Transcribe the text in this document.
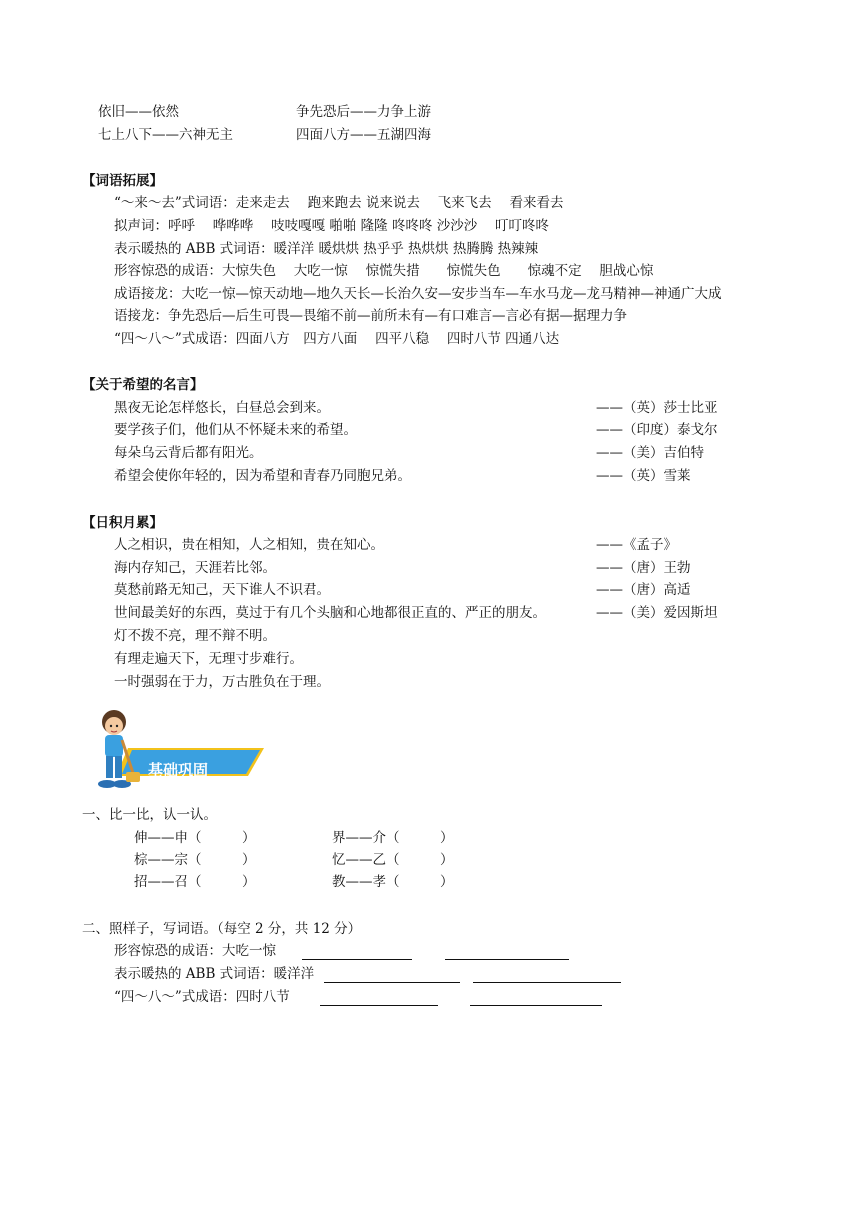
依旧——依然	争先恐后——力争上游
七上八下——六神无主	四面八方——五湖四海
【词语拓展】
“～来～去”式词语：走来走去　 跑来跑去 说来说去　 飞来飞去　 看来看去
拟声词：呼呼　 哗哗哗　 吱吱嘎嘎 啪啪 隆隆 咚咚咚 沙沙沙　 叮叮咚咚
表示暖热的 ABB 式词语：暖洋洋 暖烘烘 热乎乎 热烘烘 热腾腾 热辣辣
形容惊恐的成语：大惊失色　 大吃一惊　 惊慌失措　　惊慌失色　　惊魂不定　 胆战心惊
成语接龙：大吃一惊—惊天动地—地久天长—长治久安—安步当车—车水马龙—龙马精神—神通广大成
语接龙：争先恐后—后生可畏—畏缩不前—前所未有—有口难言—言必有据—据理力争
“四～八～”式成语：四面八方　四方八面　 四平八稳　 四时八节 四通八达
【关于希望的名言】
黑夜无论怎样悠长，白昼总会到来。	——（英）莎士比亚
要学孩子们，他们从不怀疑未来的希望。	——（印度）泰戈尔
每朵乌云背后都有阳光。	——（美）吉伯特
希望会使你年轻的，因为希望和青春乃同胞兄弟。	——（英）雪莱
【日积月累】
人之相识，贵在相知，人之相知，贵在知心。	——《孟子》
海内存知己，天涯若比邻。	——（唐）王勃
莫愁前路无知己，天下谁人不识君。	——（唐）高适
世间最美好的东西，莫过于有几个头脑和心地都很正直的、严正的朋友。	——（美）爱因斯坦
灯不拨不亮，理不辩不明。
有理走遍天下，无理寸步难行。
一时强弱在于力，万古胜负在于理。
基础巩固
一、比一比，认一认。
伸——申（　　　）	界——介（　　　）
棕——宗（　　　）	忆——乙（　　　）
招——召（　　　）	教——孝（　　　）
二、照样子，写词语。（每空 2 分，共 12 分）
形容惊恐的成语：大吃一惊
表示暖热的 ABB 式词语：暖洋洋
“四～八～”式成语：四时八节
